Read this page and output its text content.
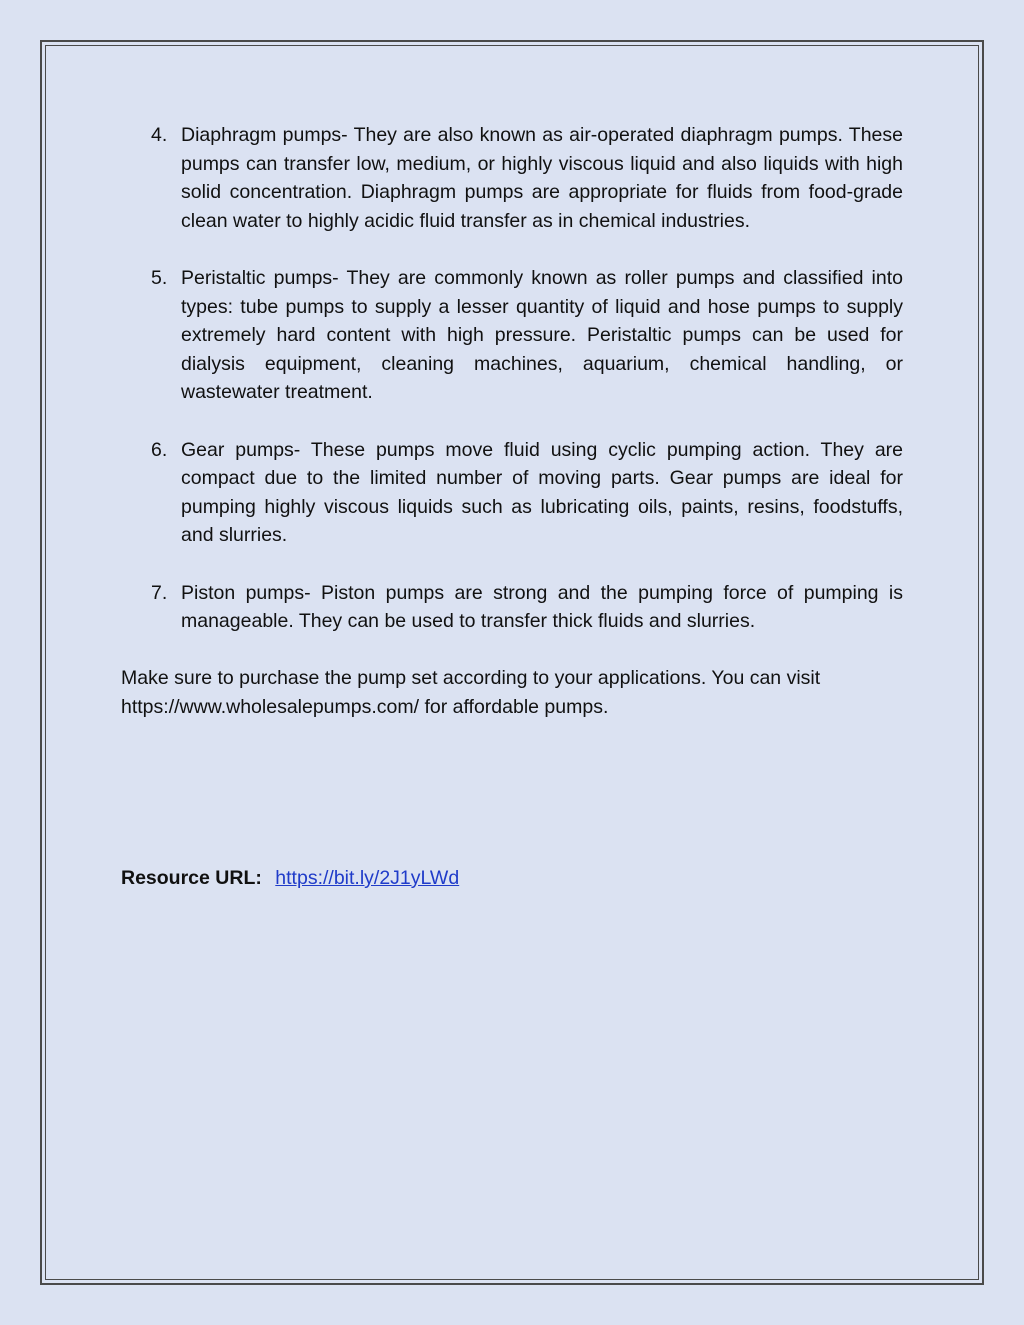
4. Diaphragm pumps- They are also known as air-operated diaphragm pumps. These pumps can transfer low, medium, or highly viscous liquid and also liquids with high solid concentration. Diaphragm pumps are appropriate for fluids from food-grade clean water to highly acidic fluid transfer as in chemical industries.
5. Peristaltic pumps- They are commonly known as roller pumps and classified into types: tube pumps to supply a lesser quantity of liquid and hose pumps to supply extremely hard content with high pressure. Peristaltic pumps can be used for dialysis equipment, cleaning machines, aquarium, chemical handling, or wastewater treatment.
6. Gear pumps- These pumps move fluid using cyclic pumping action. They are compact due to the limited number of moving parts. Gear pumps are ideal for pumping highly viscous liquids such as lubricating oils, paints, resins, foodstuffs, and slurries.
7. Piston pumps- Piston pumps are strong and the pumping force of pumping is manageable. They can be used to transfer thick fluids and slurries.

Make sure to purchase the pump set according to your applications. You can visit https://www.wholesalepumps.com/ for affordable pumps.

Resource URL: https://bit.ly/2J1yLWd
